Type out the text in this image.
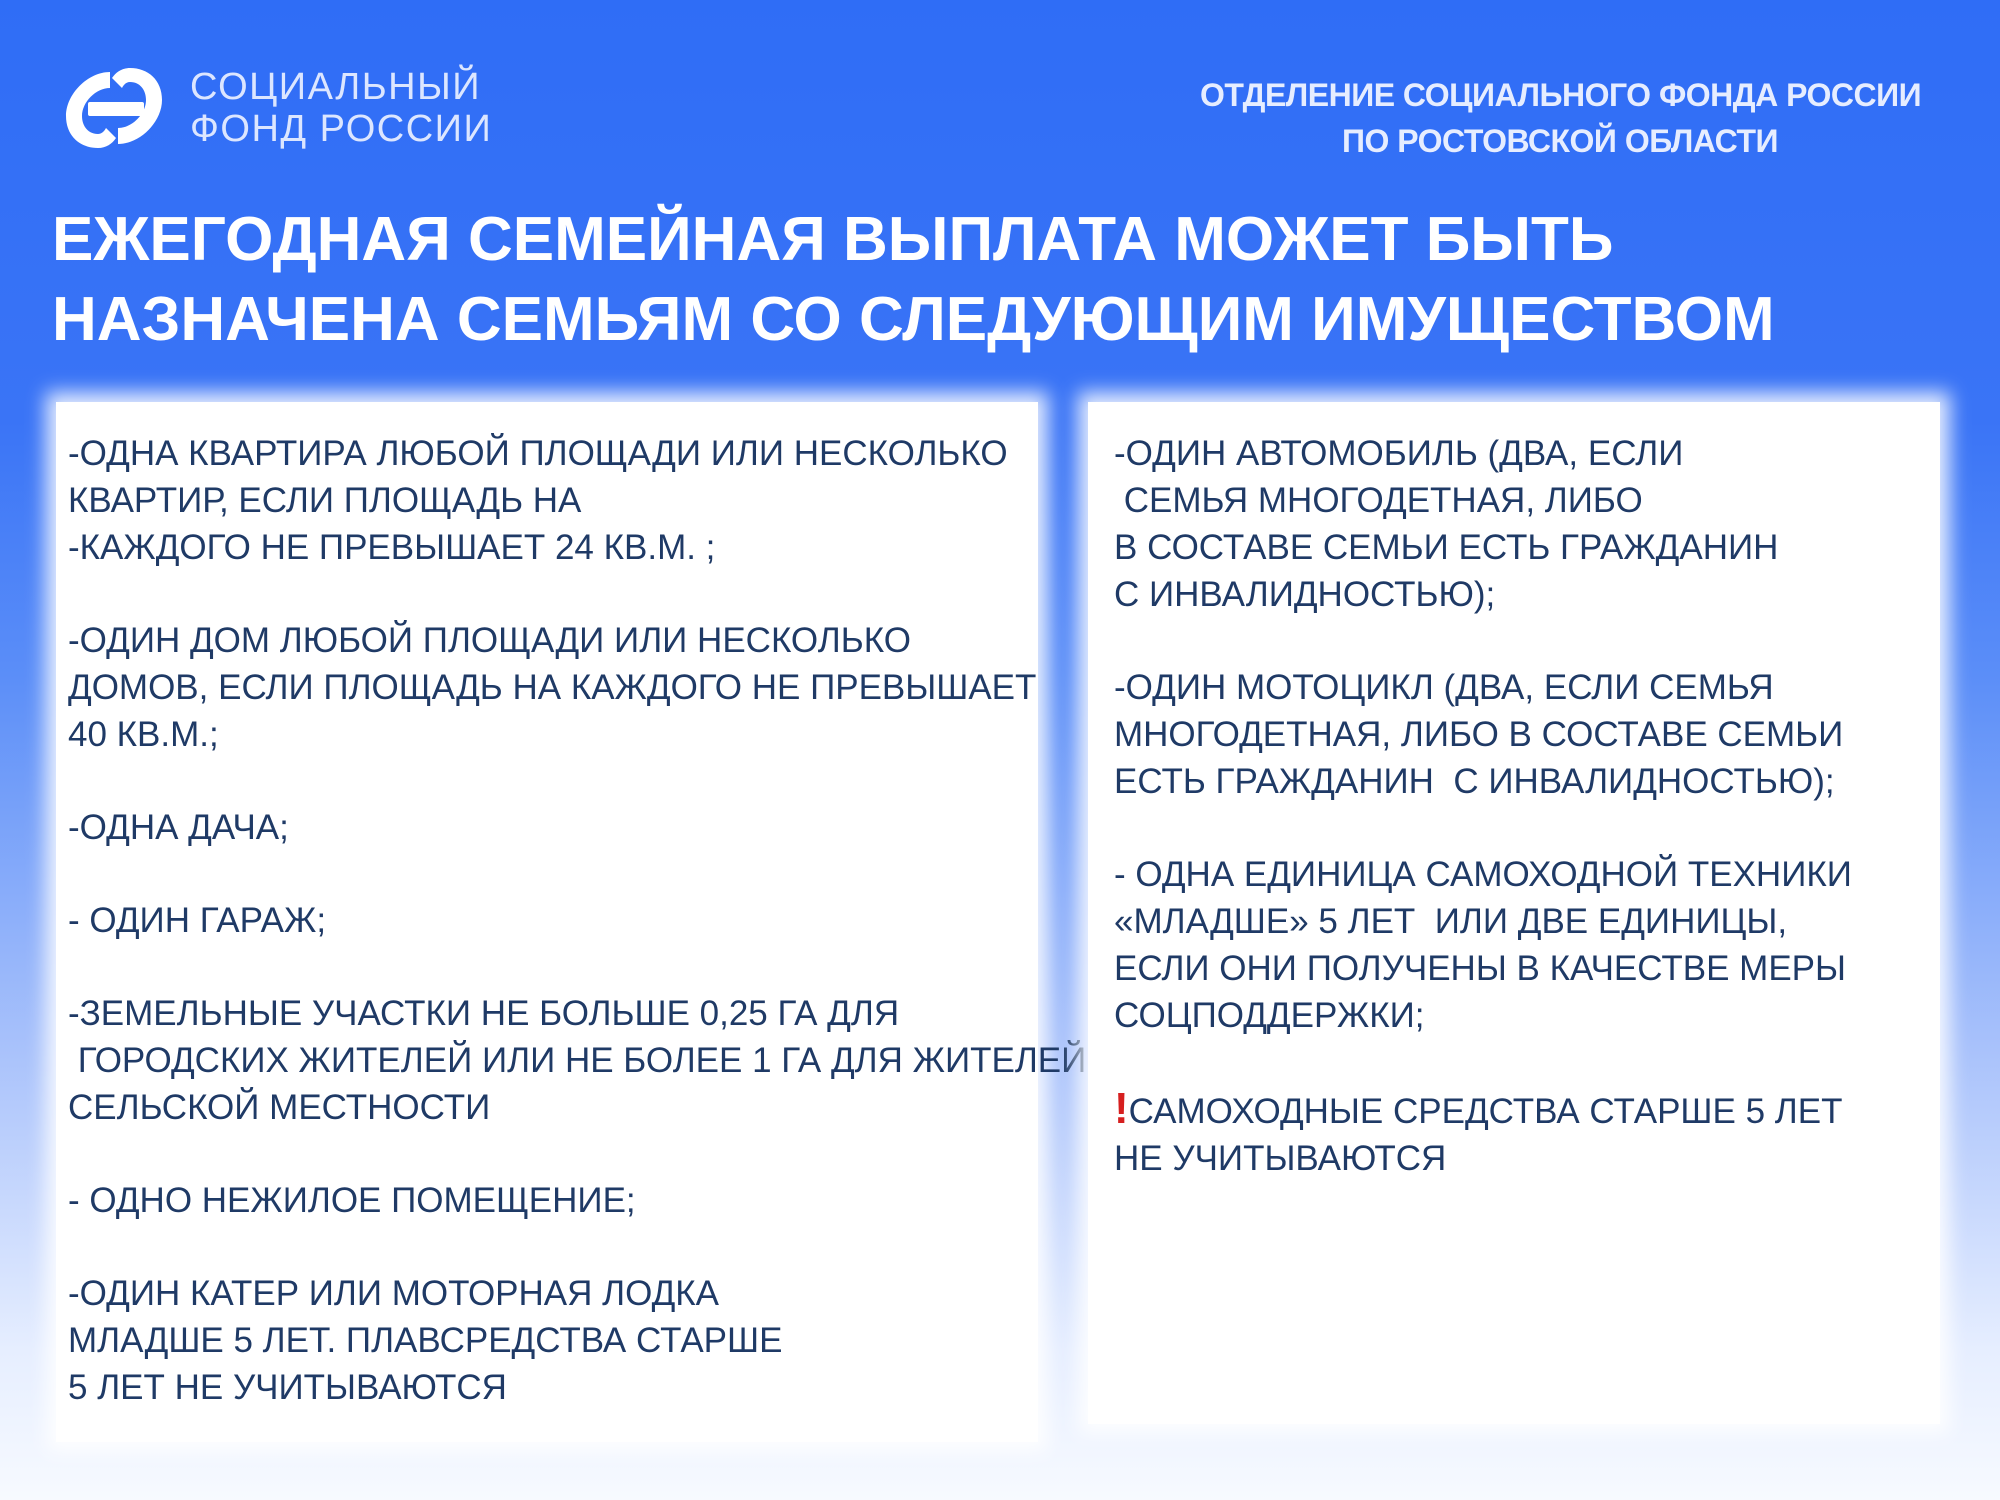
СОЦИАЛЬНЫЙ
ФОНД РОССИИ
ОТДЕЛЕНИЕ СОЦИАЛЬНОГО ФОНДА РОССИИ
ПО РОСТОВСКОЙ ОБЛАСТИ
ЕЖЕГОДНАЯ СЕМЕЙНАЯ ВЫПЛАТА МОЖЕТ БЫТЬ
НАЗНАЧЕНА СЕМЬЯМ СО СЛЕДУЮЩИМ ИМУЩЕСТВОМ
-ОДНА КВАРТИРА ЛЮБОЙ ПЛОЩАДИ ИЛИ НЕСКОЛЬКО
КВАРТИР, ЕСЛИ ПЛОЩАДЬ НА
-КАЖДОГО НЕ ПРЕВЫШАЕТ 24 КВ.М. ;
-ОДИН ДОМ ЛЮБОЙ ПЛОЩАДИ ИЛИ НЕСКОЛЬКО
ДОМОВ, ЕСЛИ ПЛОЩАДЬ НА КАЖДОГО НЕ ПРЕВЫШАЕТ
40 КВ.М.;
-ОДНА ДАЧА;
- ОДИН ГАРАЖ;
-ЗЕМЕЛЬНЫЕ УЧАСТКИ НЕ БОЛЬШЕ 0,25 ГА ДЛЯ
ГОРОДСКИХ ЖИТЕЛЕЙ ИЛИ НЕ БОЛЕЕ 1 ГА ДЛЯ ЖИТЕЛЕЙ
СЕЛЬСКОЙ МЕСТНОСТИ
- ОДНО НЕЖИЛОЕ ПОМЕЩЕНИЕ;
-ОДИН КАТЕР ИЛИ МОТОРНАЯ ЛОДКА
МЛАДШЕ 5 ЛЕТ. ПЛАВСРЕДСТВА СТАРШЕ
5 ЛЕТ НЕ УЧИТЫВАЮТСЯ
-ОДИН АВТОМОБИЛЬ (ДВА, ЕСЛИ
СЕМЬЯ МНОГОДЕТНАЯ, ЛИБО
В СОСТАВЕ СЕМЬИ ЕСТЬ ГРАЖДАНИН
С ИНВАЛИДНОСТЬЮ);
-ОДИН МОТОЦИКЛ (ДВА, ЕСЛИ СЕМЬЯ
МНОГОДЕТНАЯ, ЛИБО В СОСТАВЕ СЕМЬИ
ЕСТЬ ГРАЖДАНИН  С ИНВАЛИДНОСТЬЮ);
- ОДНА ЕДИНИЦА САМОХОДНОЙ ТЕХНИКИ
«МЛАДШЕ» 5 ЛЕТ  ИЛИ ДВЕ ЕДИНИЦЫ,
ЕСЛИ ОНИ ПОЛУЧЕНЫ В КАЧЕСТВЕ МЕРЫ
СОЦПОДДЕРЖКИ;
!САМОХОДНЫЕ СРЕДСТВА СТАРШЕ 5 ЛЕТ
НЕ УЧИТЫВАЮТСЯ
